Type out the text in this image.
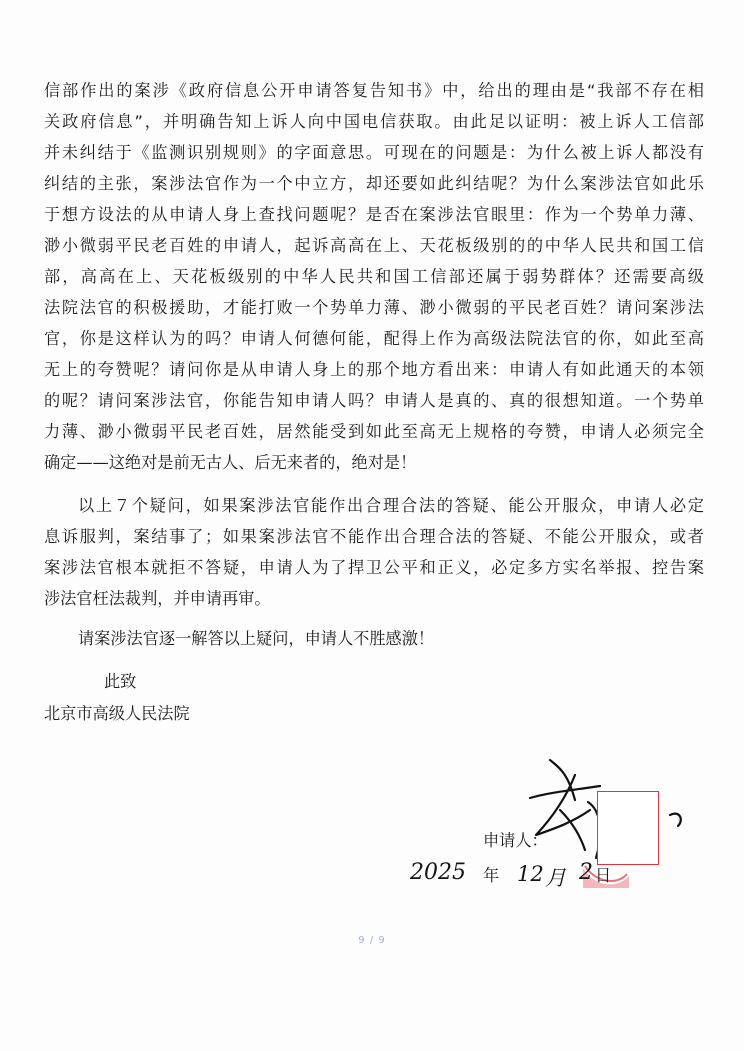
信部作出的案涉《政府信息公开申请答复告知书》中，给出的理由是“我部不存在相
关政府信息”，并明确告知上诉人向中国电信获取。由此足以证明：被上诉人工信部
并未纠结于《监测识别规则》的字面意思。可现在的问题是：为什么被上诉人都没有
纠结的主张，案涉法官作为一个中立方，却还要如此纠结呢？为什么案涉法官如此乐
于想方设法的从申请人身上查找问题呢？是否在案涉法官眼里：作为一个势单力薄、
渺小微弱平民老百姓的申请人，起诉高高在上、天花板级别的的中华人民共和国工信
部，高高在上、天花板级别的中华人民共和国工信部还属于弱势群体？还需要高级
法院法官的积极援助，才能打败一个势单力薄、渺小微弱的平民老百姓？请问案涉法
官，你是这样认为的吗？申请人何德何能，配得上作为高级法院法官的你，如此至高
无上的夸赞呢？请问你是从申请人身上的那个地方看出来：申请人有如此通天的本领
的呢？请问案涉法官，你能告知申请人吗？申请人是真的、真的很想知道。一个势单
力薄、渺小微弱平民老百姓，居然能受到如此至高无上规格的夸赞，申请人必须完全
确定——这绝对是前无古人、后无来者的，绝对是！
以上７个疑问，如果案涉法官能作出合理合法的答疑、能公开服众，申请人必定
息诉服判，案结事了；如果案涉法官不能作出合理合法的答疑、不能公开服众，或者
案涉法官根本就拒不答疑，申请人为了捍卫公平和正义，必定多方实名举报、控告案
涉法官枉法裁判，并申请再审。
请案涉法官逐一解答以上疑问，申请人不胜感激！
此致
北京市高级人民法院
申请人：
2025 年 12 月 2 日
9 / 9
